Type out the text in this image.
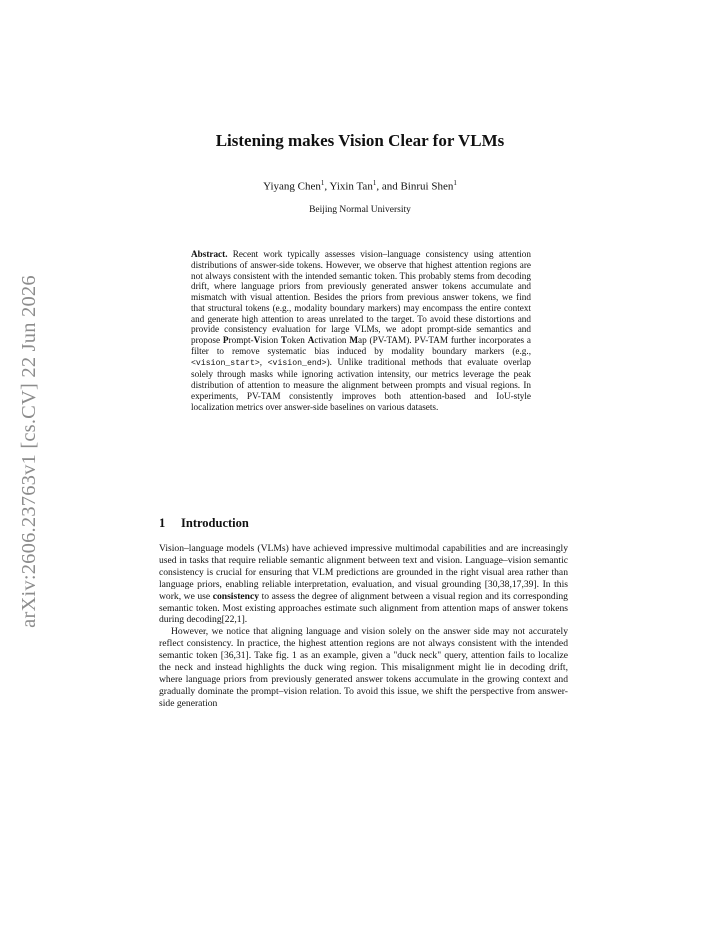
arXiv:2606.23763v1 [cs.CV] 22 Jun 2026
Listening makes Vision Clear for VLMs
Yiyang Chen$^1$, Yixin Tan$^1$, and Binrui Shen$^1$
Beijing Normal University
Abstract. Recent work typically assesses vision–language consistency using attention distributions of answer-side tokens. However, we observe that highest attention regions are not always consistent with the intended semantic token. This probably stems from decoding drift, where language priors from previously generated answer tokens accumulate and mismatch with visual attention. Besides the priors from previous answer tokens, we find that structural tokens (e.g., modality boundary markers) may encompass the entire context and generate high attention to areas unrelated to the target. To avoid these distortions and provide consistency evaluation for large VLMs, we adopt prompt-side semantics and propose Prompt-Vision Token Activation Map (PV-TAM). PV-TAM further incorporates a filter to remove systematic bias induced by modality boundary markers (e.g., <vision_start>, <vision_end>). Unlike traditional methods that evaluate overlap solely through masks while ignoring activation intensity, our metrics leverage the peak distribution of attention to measure the alignment between prompts and visual regions. In experiments, PV-TAM consistently improves both attention-based and IoU-style localization metrics over answer-side baselines on various datasets.
1 Introduction

Vision–language models (VLMs) have achieved impressive multimodal capabilities and are increasingly used in tasks that require reliable semantic alignment between text and vision. Language–vision semantic consistency is crucial for ensuring that VLM predictions are grounded in the right visual area rather than language priors, enabling reliable interpretation, evaluation, and visual grounding [30,38,17,39]. In this work, we use consistency to assess the degree of alignment between a visual region and its corresponding semantic token. Most existing approaches estimate such alignment from attention maps of answer tokens during decoding[22,1].

However, we notice that aligning language and vision solely on the answer side may not accurately reflect consistency. In practice, the highest attention regions are not always consistent with the intended semantic token [36,31]. Take fig. 1 as an example, given a "duck neck" query, attention fails to localize the neck and instead highlights the duck wing region. This misalignment might lie in decoding drift, where language priors from previously generated answer tokens accumulate in the growing context and gradually dominate the prompt–vision relation. To avoid this issue, we shift the perspective from answer-side generation
